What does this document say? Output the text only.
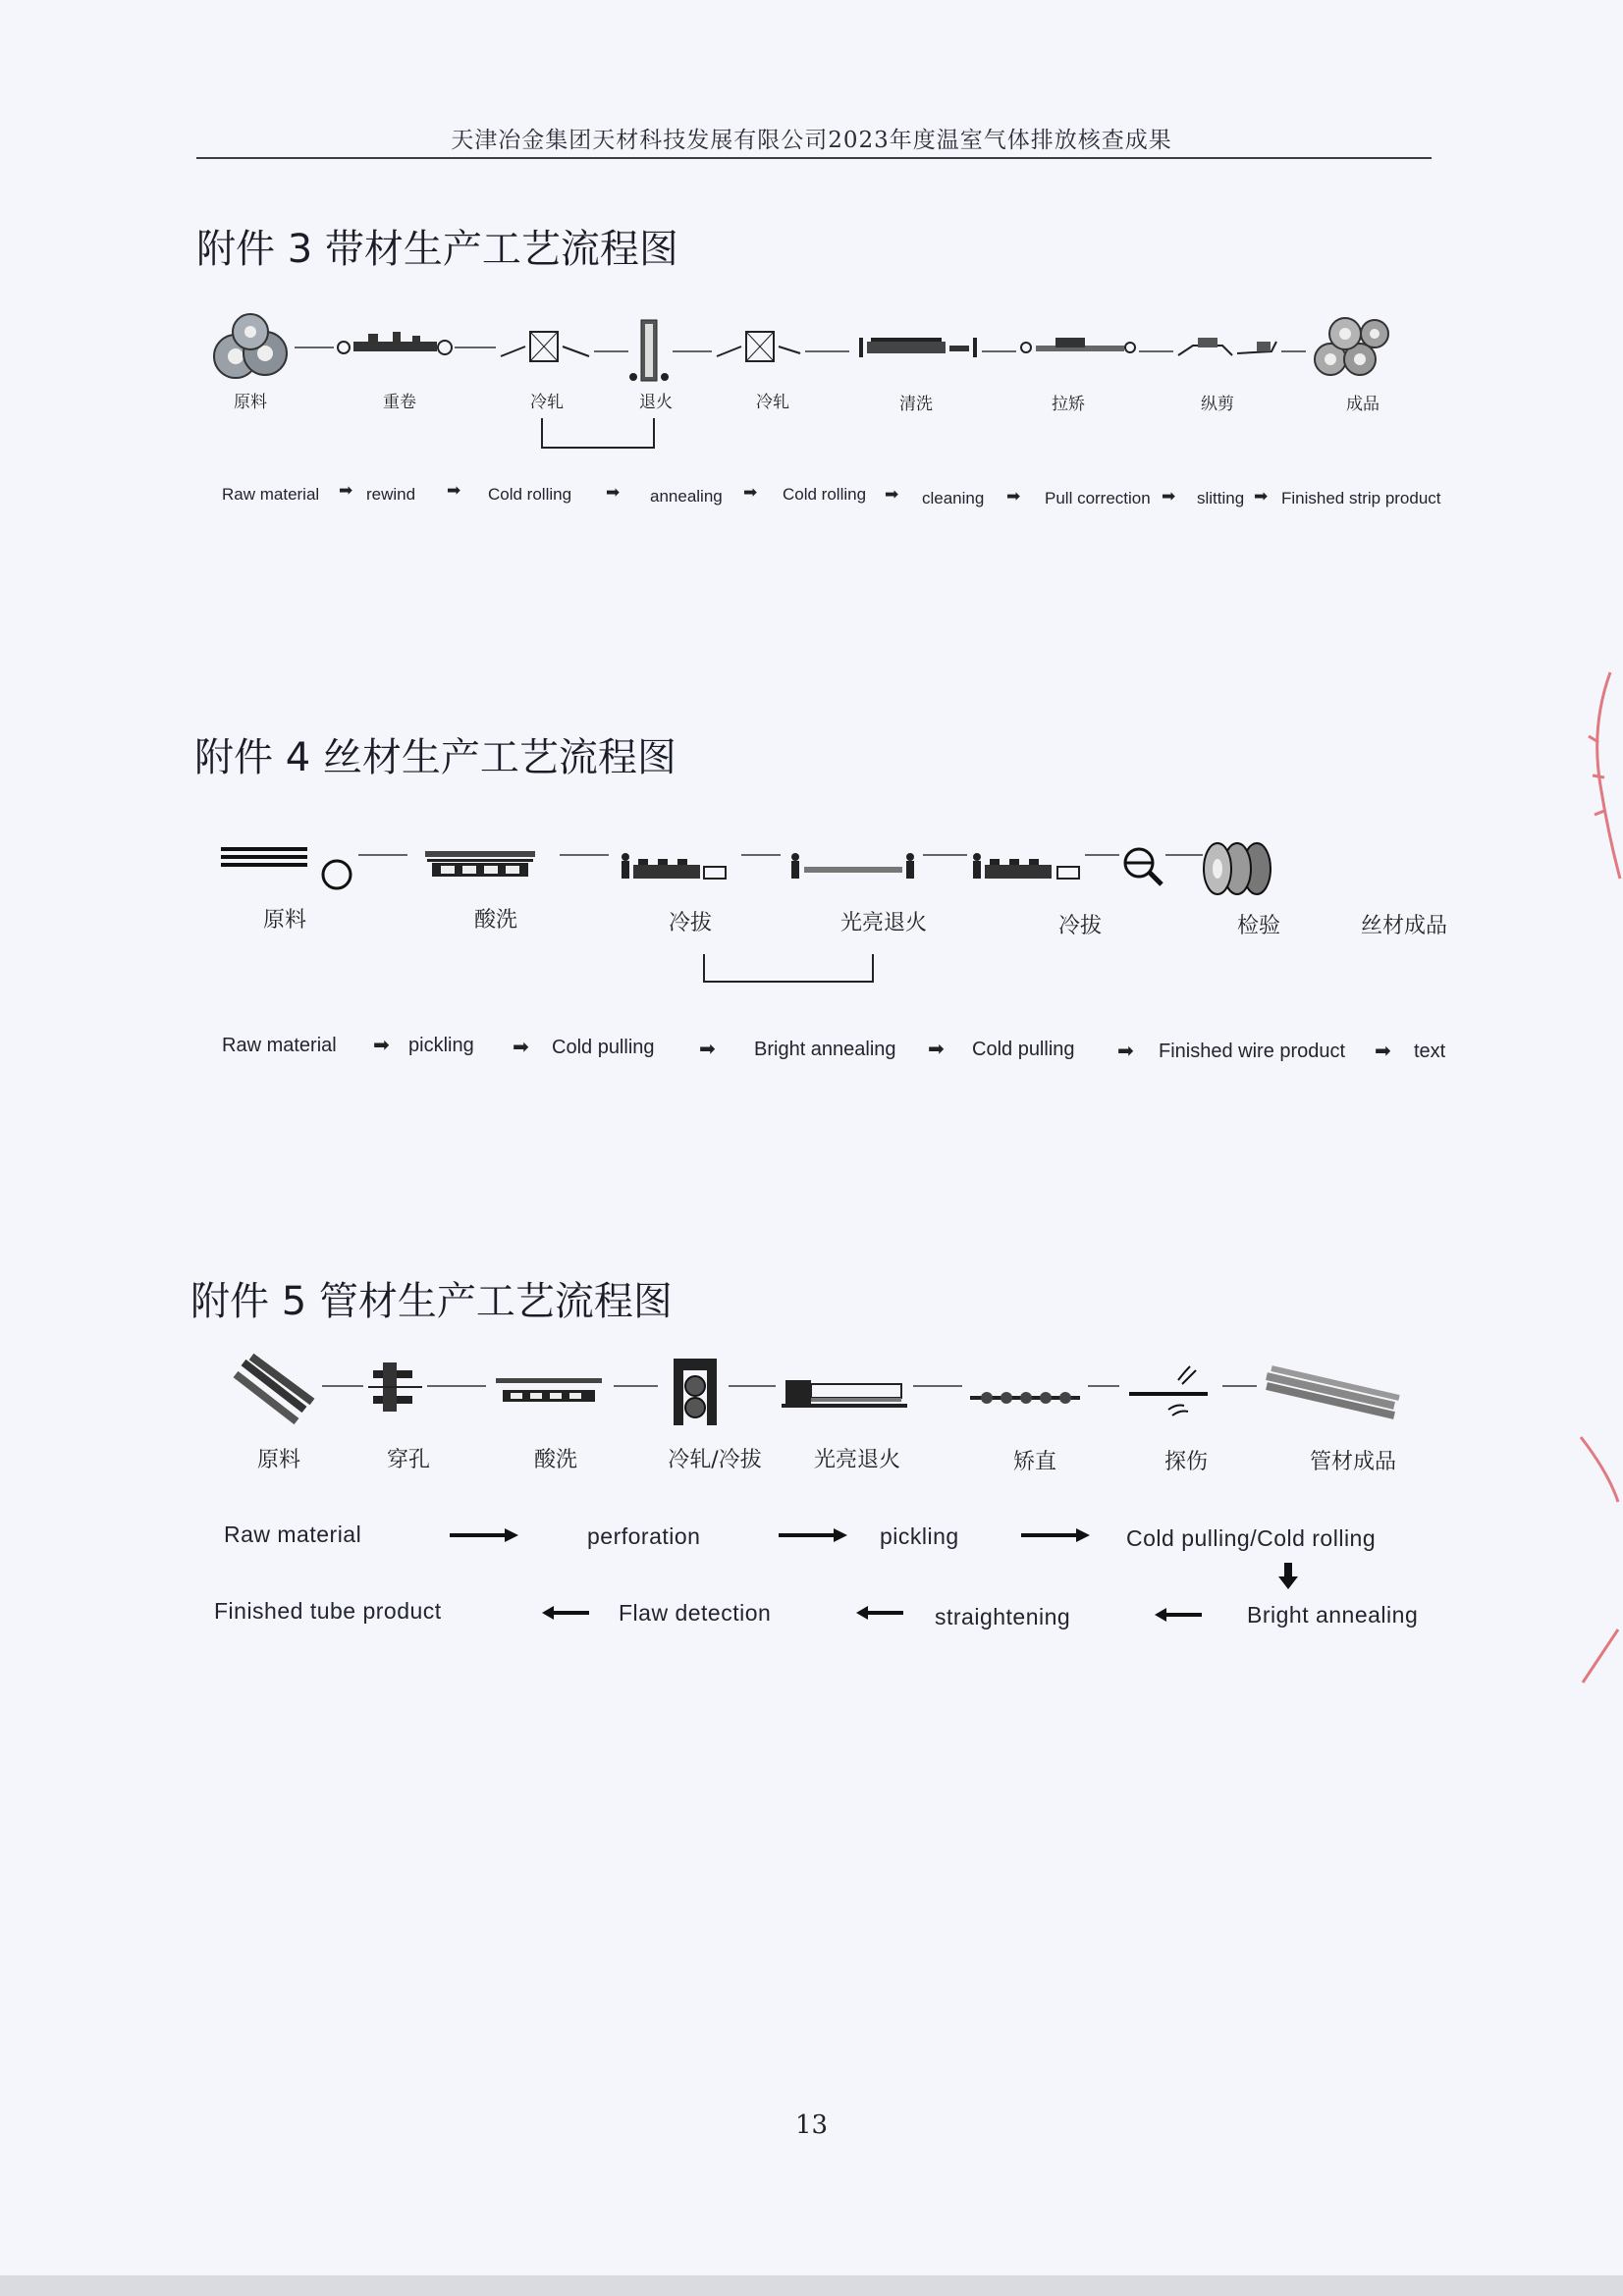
天津冶金集团天材科技发展有限公司2023年度温室气体排放核查成果
附件 3 带材生产工艺流程图
原料	重卷	冷轧	退火	冷轧	清洗	拉矫	纵剪	成品
Raw material ➡ rewind ➡ Cold rolling ➡ annealing ➡ Cold rolling ➡ cleaning ➡ Pull correction ➡ slitting ➡ Finished strip product
附件 4 丝材生产工艺流程图
原料	酸洗	冷拔	光亮退火	冷拔	检验	丝材成品
Raw material ➡ pickling ➡ Cold pulling ➡ Bright annealing ➡ Cold pulling ➡ Finished wire product ➡ text
附件 5 管材生产工艺流程图
原料	穿孔	酸洗	冷轧/冷拔	光亮退火	矫直	探伤	管材成品
Raw material	perforation	pickling	Cold pulling/Cold rolling
Finished tube product	Flaw detection	straightening	Bright annealing
13
